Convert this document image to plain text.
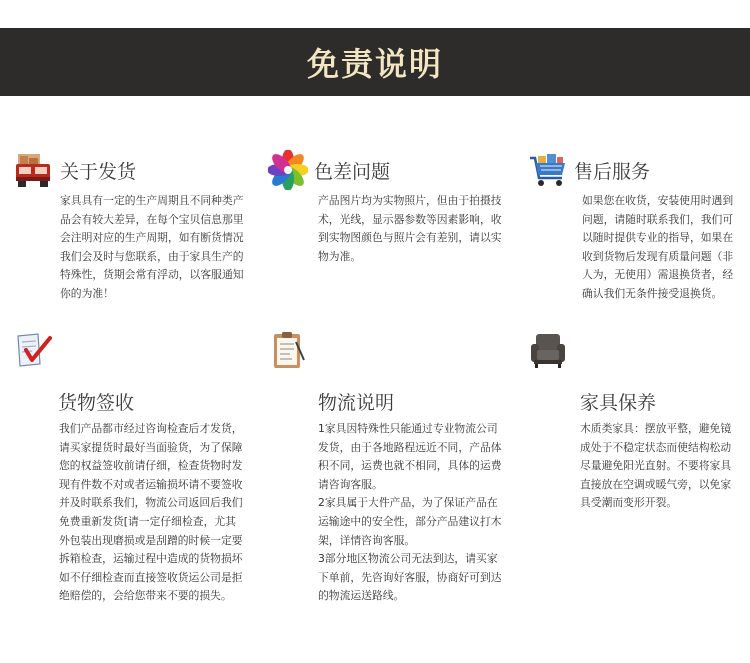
免责说明
关于发货

家具具有一定的生产周期且不同种类产
品会有较大差异，在每个宝贝信息那里
会注明对应的生产周期，如有断货情况
我们会及时与您联系，由于家具生产的
特殊性，货期会常有浮动，以客服通知
你的为准！

色差问题

产品图片均为实物照片，但由于拍摄技
术，光线，显示器参数等因素影响，收
到实物图颜色与照片会有差别，请以实
物为准。

售后服务

如果您在收货，安装使用时遇到
问题，请随时联系我们，我们可
以随时提供专业的指导，如果在
收到货物后发现有质量问题（非
人为，无使用）需退换货者，经
确认我们无条件接受退换货。

货物签收

我们产品都市经过咨询检查后才发货，
请买家提货时最好当面验货，为了保障
您的权益签收前请仔细，检查货物时发
现有件数不对或者运输损坏请不要签收
并及时联系我们，物流公司返回后我们
免费重新发货[请一定仔细检查，尤其
外包装出现磨损或是刮蹭的时候一定要
拆箱检查，运输过程中造成的货物损坏
如不仔细检查而直接签收货运公司是拒
绝赔偿的，会给您带来不要的损失。

物流说明

1家具因特殊性只能通过专业物流公司
发货，由于各地路程远近不同，产品体
积不同，运费也就不相同，具体的运费
请咨询客服。
2家具属于大件产品，为了保证产品在
运输途中的安全性，部分产品建议打木
架，详情咨询客服。
3部分地区物流公司无法到达，请买家
下单前，先咨询好客服，协商好可到达
的物流运送路线。

家具保养

木质类家具：摆放平整，避免镜
成处于不稳定状态而使结构松动
尽量避免阳光直射。不要将家具
直接放在空调或暖气旁，以免家
具受潮而变形开裂。
